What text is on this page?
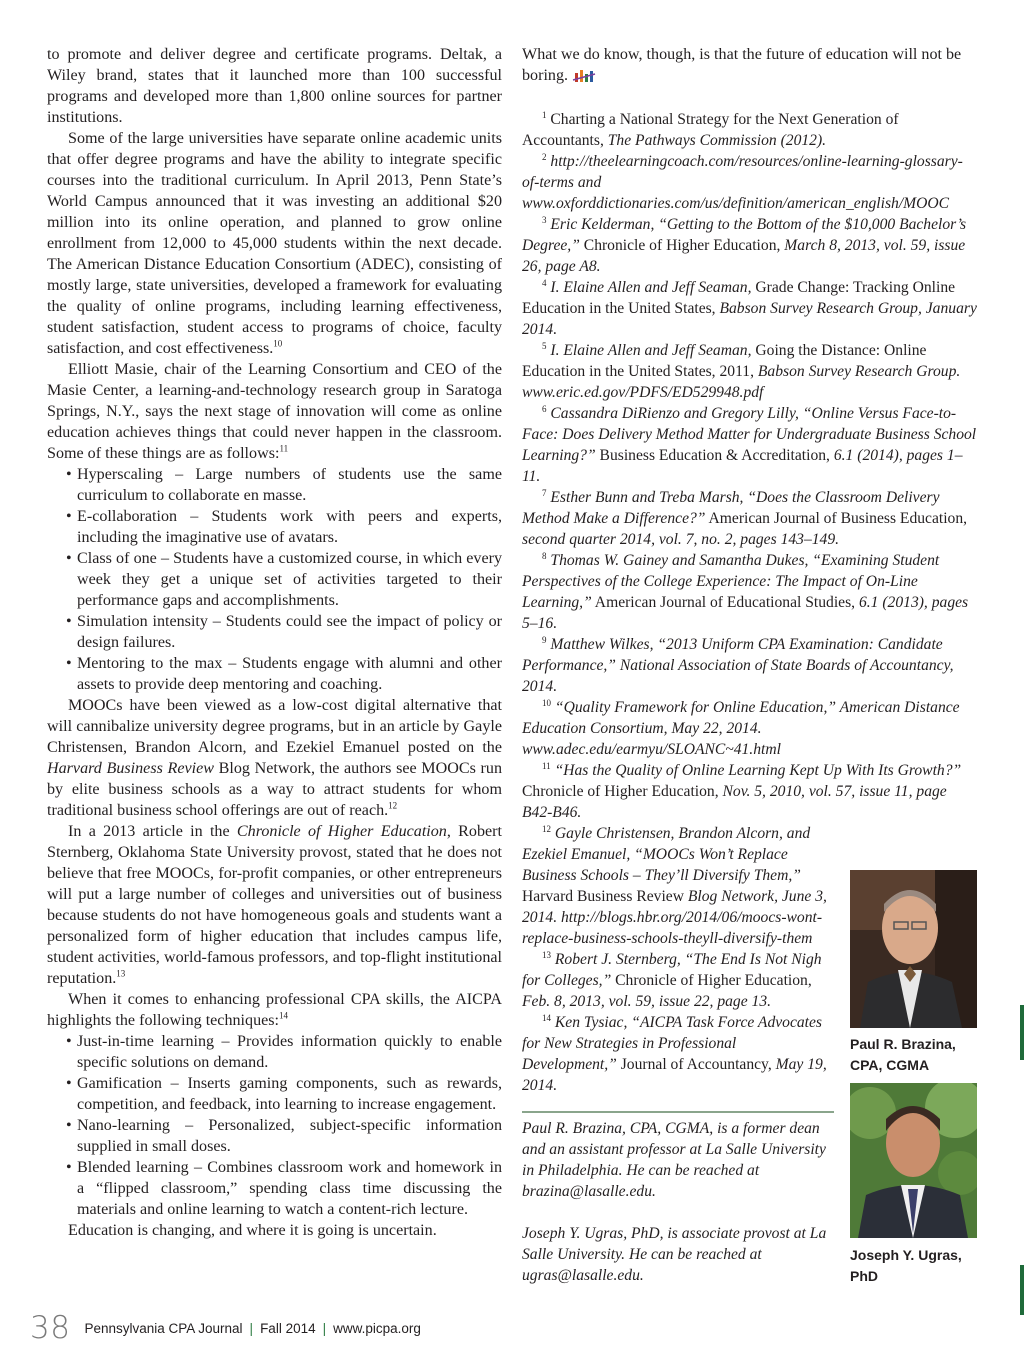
to promote and deliver degree and certificate programs. Deltak, a Wiley brand, states that it launched more than 100 successful programs and developed more than 1,800 online sources for partner institutions.

Some of the large universities have separate online academic units that offer degree programs and have the ability to integrate specific courses into the traditional curriculum. In April 2013, Penn State’s World Campus announced that it was investing an additional $20 million into its online operation, and planned to grow online enrollment from 12,000 to 45,000 students within the next decade. The American Distance Education Consortium (ADEC), consisting of mostly large, state universities, developed a framework for evaluating the quality of online programs, including learning effectiveness, student satisfaction, student access to programs of choice, faculty satisfaction, and cost effectiveness.$^{10}$

Elliott Masie, chair of the Learning Consortium and CEO of the Masie Center, a learning-and-technology research group in Saratoga Springs, N.Y., says the next stage of innovation will come as online education achieves things that could never happen in the classroom. Some of these things are as follows:$^{11}$

• Hyperscaling – Large numbers of students use the same curriculum to collaborate en masse.
• E-collaboration – Students work with peers and experts, including the imaginative use of avatars.
• Class of one – Students have a customized course, in which every week they get a unique set of activities targeted to their performance gaps and accomplishments.
• Simulation intensity – Students could see the impact of policy or design failures.
• Mentoring to the max – Students engage with alumni and other assets to provide deep mentoring and coaching.

MOOCs have been viewed as a low-cost digital alternative that will cannibalize university degree programs, but in an article by Gayle Christensen, Brandon Alcorn, and Ezekiel Emanuel posted on the Harvard Business Review Blog Network, the authors see MOOCs run by elite business schools as a way to attract students for whom traditional business school offerings are out of reach.$^{12}$

In a 2013 article in the Chronicle of Higher Education, Robert Sternberg, Oklahoma State University provost, stated that he does not believe that free MOOCs, for-profit companies, or other entrepreneurs will put a large number of colleges and universities out of business because students do not have homogeneous goals and students want a personalized form of higher education that includes campus life, student activities, world-famous professors, and top-flight institutional reputation.$^{13}$

When it comes to enhancing professional CPA skills, the AICPA highlights the following techniques:$^{14}$

• Just-in-time learning – Provides information quickly to enable specific solutions on demand.
• Gamification – Inserts gaming components, such as rewards, competition, and feedback, into learning to increase engagement.
• Nano-learning – Personalized, subject-specific information supplied in small doses.
• Blended learning – Combines classroom work and homework in a “flipped classroom,” spending class time discussing the materials and online learning to watch a content-rich lecture.

Education is changing, and where it is going is uncertain.

What we do know, though, is that the future of education will not be boring.

$^1$ Charting a National Strategy for the Next Generation of Accountants, The Pathways Commission (2012).

$^2$ http://theelearningcoach.com/resources/online-learning-glossary-of-terms and www.oxforddictionaries.com/us/definition/american_english/MOOC

$^3$ Eric Kelderman, “Getting to the Bottom of the $10,000 Bachelor’s Degree,” Chronicle of Higher Education, March 8, 2013, vol. 59, issue 26, page A8.

$^4$ I. Elaine Allen and Jeff Seaman, Grade Change: Tracking Online Education in the United States, Babson Survey Research Group, January 2014.

$^5$ I. Elaine Allen and Jeff Seaman, Going the Distance: Online Education in the United States, 2011, Babson Survey Research Group. www.eric.ed.gov/PDFS/ED529948.pdf

$^6$ Cassandra DiRienzo and Gregory Lilly, “Online Versus Face-to-Face: Does Delivery Method Matter for Undergraduate Business School Learning?” Business Education & Accreditation, 6.1 (2014), pages 1–11.

$^7$ Esther Bunn and Treba Marsh, “Does the Classroom Delivery Method Make a Difference?” American Journal of Business Education, second quarter 2014, vol. 7, no. 2, pages 143–149.

$^8$ Thomas W. Gainey and Samantha Dukes, “Examining Student Perspectives of the College Experience: The Impact of On-Line Learning,” American Journal of Educational Studies, 6.1 (2013), pages 5–16.

$^9$ Matthew Wilkes, “2013 Uniform CPA Examination: Candidate Performance,” National Association of State Boards of Accountancy, 2014.

$^{10}$ “Quality Framework for Online Education,” American Distance Education Consortium, May 22, 2014. www.adec.edu/earmyu/SLOANC~41.html

$^{11}$ “Has the Quality of Online Learning Kept Up With Its Growth?” Chronicle of Higher Education, Nov. 5, 2010, vol. 57, issue 11, page B42-B46.

$^{12}$ Gayle Christensen, Brandon Alcorn, and Ezekiel Emanuel, “MOOCs Won’t Replace Business Schools – They’ll Diversify Them,” Harvard Business Review Blog Network, June 3, 2014. http://blogs.hbr.org/2014/06/moocs-wont-replace-business-schools-theyll-diversify-them

$^{13}$ Robert J. Sternberg, “The End Is Not Nigh for Colleges,” Chronicle of Higher Education, Feb. 8, 2013, vol. 59, issue 22, page 13.

$^{14}$ Ken Tysiac, “AICPA Task Force Advocates for New Strategies in Professional Development,” Journal of Accountancy, May 19, 2014.

Paul R. Brazina,
CPA, CGMA
Joseph Y. Ugras,
PhD

Paul R. Brazina, CPA, CGMA, is a former dean and an assistant professor at La Salle University in Philadelphia. He can be reached at brazina@lasalle.edu.

Joseph Y. Ugras, PhD, is associate provost at La Salle University. He can be reached at ugras@lasalle.edu.

38 Pennsylvania CPA Journal | Fall 2014 | www.picpa.org
